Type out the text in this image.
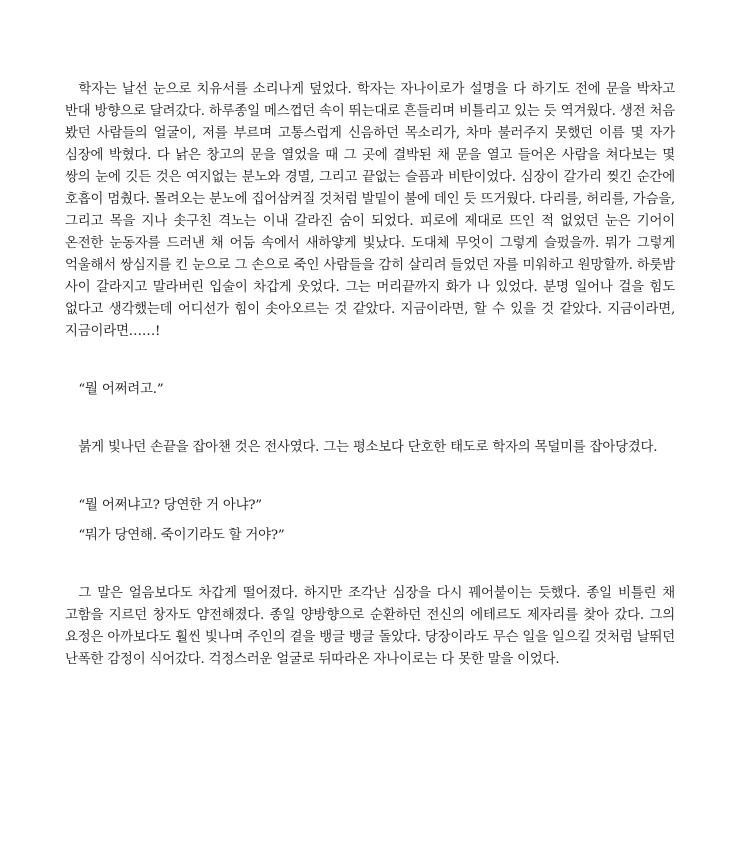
학자는 날선 눈으로 치유서를 소리나게 덮었다. 학자는 자나이로가 설명을 다 하기도 전에 문을 박차고 반대 방향으로 달려갔다. 하루종일 메스껍던 속이 뛰는대로 흔들리며 비틀리고 있는 듯 역겨웠다. 생전 처음 봤던 사람들의 얼굴이, 저를 부르며 고통스럽게 신음하던 목소리가, 차마 불러주지 못했던 이름 몇 자가 심장에 박혔다. 다 낡은 창고의 문을 열었을 때 그 곳에 결박된 채 문을 열고 들어온 사람을 쳐다보는 몇 쌍의 눈에 깃든 것은 여지없는 분노와 경멸, 그리고 끝없는 슬픔과 비탄이었다. 심장이 갈가리 찢긴 순간에 호흡이 멈췄다. 몰려오는 분노에 집어삼켜질 것처럼 발밑이 불에 데인 듯 뜨거웠다. 다리를, 허리를, 가슴을, 그리고 목을 지나 솟구친 격노는 이내 갈라진 숨이 되었다. 피로에 제대로 뜨인 적 없었던 눈은 기어이 온전한 눈동자를 드러낸 채 어둠 속에서 새하얗게 빛났다. 도대체 무엇이 그렇게 슬펐을까. 뭐가 그렇게 억울해서 쌍심지를 킨 눈으로 그 손으로 죽인 사람들을 감히 살리려 들었던 자를 미워하고 원망할까. 하룻밤 사이 갈라지고 말라버린 입술이 차갑게 웃었다. 그는 머리끝까지 화가 나 있었다. 분명 일어나 걸을 힘도 없다고 생각했는데 어디선가 힘이 솟아오르는 것 같았다. 지금이라면, 할 수 있을 것 같았다. 지금이라면, 지금이라면……!

“뭘 어쩌려고.”

붉게 빛나던 손끝을 잡아챈 것은 전사였다. 그는 평소보다 단호한 태도로 학자의 목덜미를 잡아당겼다.

“뭘 어쩌냐고? 당연한 거 아냐?”

“뭐가 당연해. 죽이기라도 할 거야?”

그 말은 얼음보다도 차갑게 떨어졌다. 하지만 조각난 심장을 다시 꿰어붙이는 듯했다. 종일 비틀린 채 고함을 지르던 창자도 얌전해졌다. 종일 양방향으로 순환하던 전신의 에테르도 제자리를 찾아 갔다. 그의 요정은 아까보다도 훨씬 빛나며 주인의 곁을 뱅글 뱅글 돌았다. 당장이라도 무슨 일을 일으킬 것처럼 날뛰던 난폭한 감정이 식어갔다. 걱정스러운 얼굴로 뒤따라온 자나이로는 다 못한 말을 이었다.
